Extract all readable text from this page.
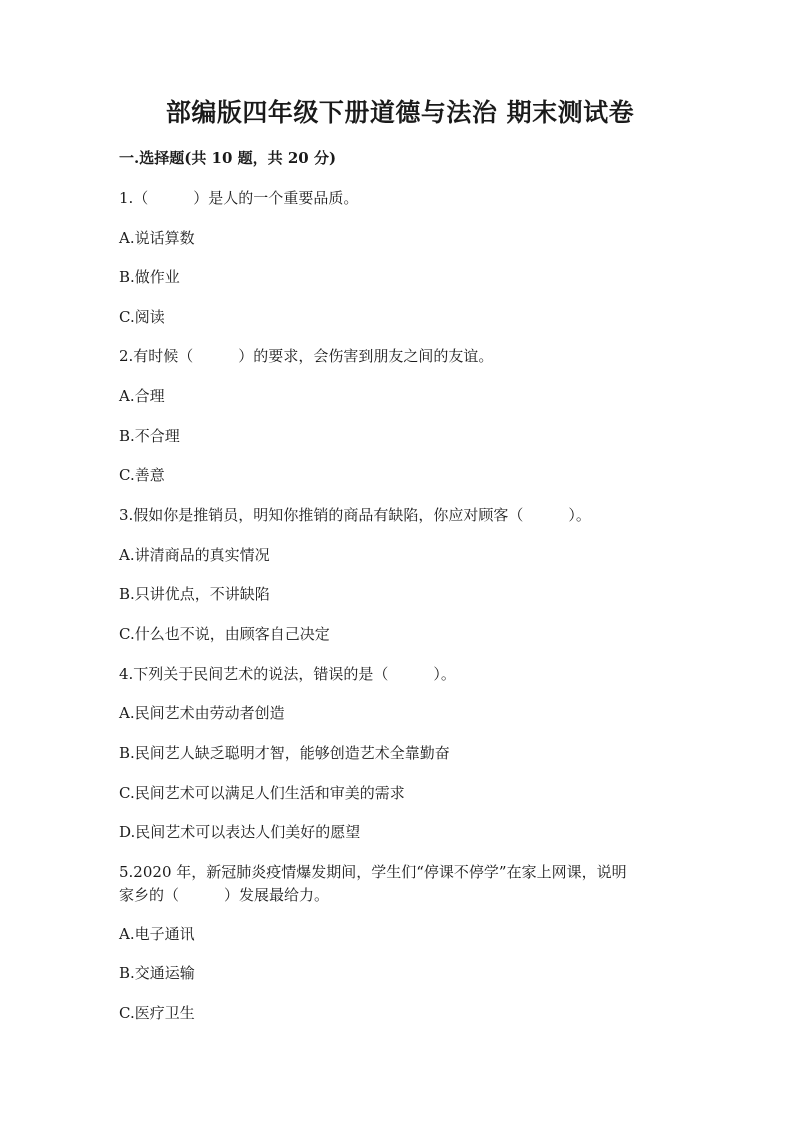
部编版四年级下册道德与法治 期末测试卷
一.选择题(共 10 题，共 20 分)
1.（　　　）是人的一个重要品质。
A.说话算数
B.做作业
C.阅读
2.有时候（　　　）的要求，会伤害到朋友之间的友谊。
A.合理
B.不合理
C.善意
3.假如你是推销员，明知你推销的商品有缺陷，你应对顾客（　　　）。
A.讲清商品的真实情况
B.只讲优点，不讲缺陷
C.什么也不说，由顾客自己决定
4.下列关于民间艺术的说法，错误的是（　　　）。
A.民间艺术由劳动者创造
B.民间艺人缺乏聪明才智，能够创造艺术全靠勤奋
C.民间艺术可以满足人们生活和审美的需求
D.民间艺术可以表达人们美好的愿望
5.2020 年，新冠肺炎疫情爆发期间，学生们“停课不停学”在家上网课，说明
家乡的（　　　）发展最给力。
A.电子通讯
B.交通运输
C.医疗卫生
